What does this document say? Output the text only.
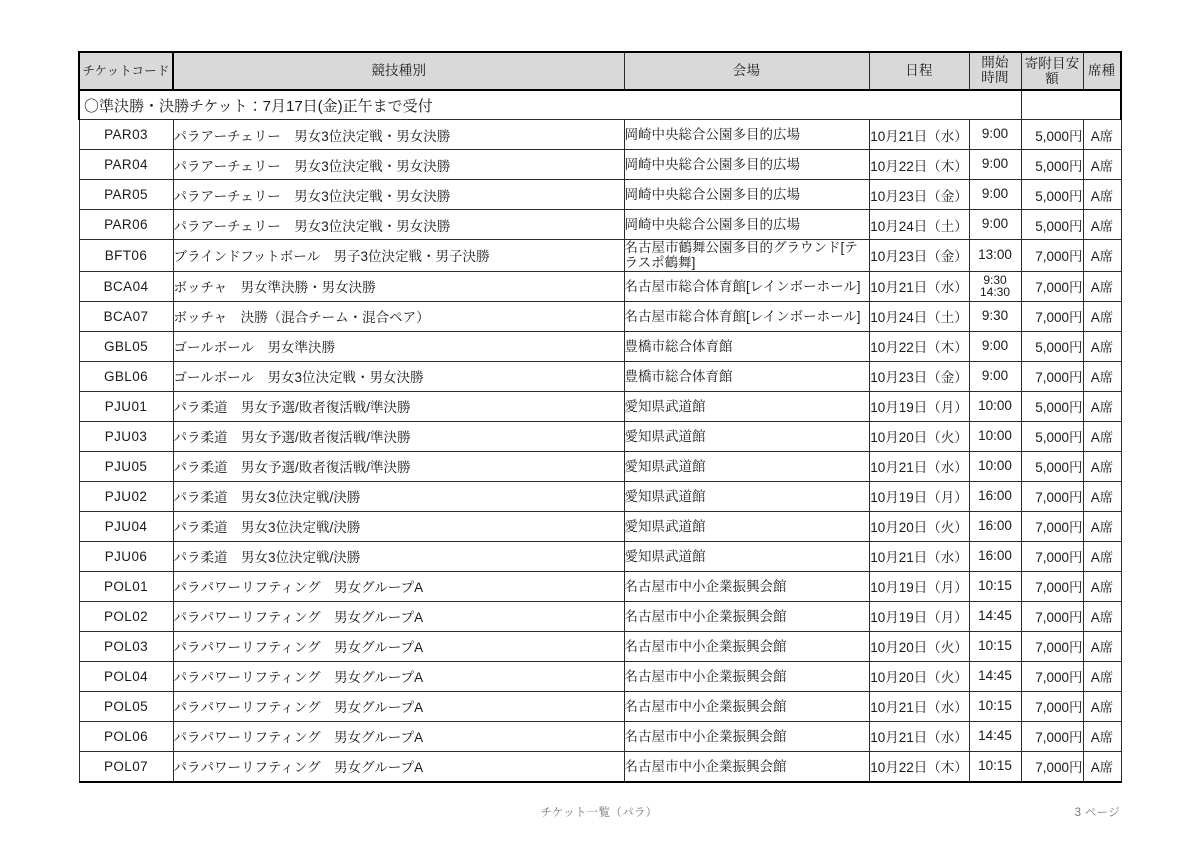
チケットコード	競技種別	会場	日程	開始
時間	寄附目安額	席種
〇準決勝・決勝チケット：7月17日(金)正午まで受付						
PAR03	パラアーチェリー　男女3位決定戦・男女決勝	岡崎中央総合公園多目的広場	10月21日（水）	9:00	5,000円	A席
PAR04	パラアーチェリー　男女3位決定戦・男女決勝	岡崎中央総合公園多目的広場	10月22日（木）	9:00	5,000円	A席
PAR05	パラアーチェリー　男女3位決定戦・男女決勝	岡崎中央総合公園多目的広場	10月23日（金）	9:00	5,000円	A席
PAR06	パラアーチェリー　男女3位決定戦・男女決勝	岡崎中央総合公園多目的広場	10月24日（土）	9:00	5,000円	A席
BFT06	ブラインドフットボール　男子3位決定戦・男子決勝	名古屋市鶴舞公園多目的グラウンド[テラスポ鶴舞]	10月23日（金）	13:00	7,000円	A席
BCA04	ボッチャ　男女準決勝・男女決勝	名古屋市総合体育館[レインボーホール]	10月21日（水）	9:30
14:30	7,000円	A席
BCA07	ボッチャ　決勝（混合チーム・混合ペア）	名古屋市総合体育館[レインボーホール]	10月24日（土）	9:30	7,000円	A席
GBL05	ゴールボール　男女準決勝	豊橋市総合体育館	10月22日（木）	9:00	5,000円	A席
GBL06	ゴールボール　男女3位決定戦・男女決勝	豊橋市総合体育館	10月23日（金）	9:00	7,000円	A席
PJU01	パラ柔道　男女予選/敗者復活戦/準決勝	愛知県武道館	10月19日（月）	10:00	5,000円	A席
PJU03	パラ柔道　男女予選/敗者復活戦/準決勝	愛知県武道館	10月20日（火）	10:00	5,000円	A席
PJU05	パラ柔道　男女予選/敗者復活戦/準決勝	愛知県武道館	10月21日（水）	10:00	5,000円	A席
PJU02	パラ柔道　男女3位決定戦/決勝	愛知県武道館	10月19日（月）	16:00	7,000円	A席
PJU04	パラ柔道　男女3位決定戦/決勝	愛知県武道館	10月20日（火）	16:00	7,000円	A席
PJU06	パラ柔道　男女3位決定戦/決勝	愛知県武道館	10月21日（水）	16:00	7,000円	A席
POL01	パラパワーリフティング　男女グループA	名古屋市中小企業振興会館	10月19日（月）	10:15	7,000円	A席
POL02	パラパワーリフティング　男女グループA	名古屋市中小企業振興会館	10月19日（月）	14:45	7,000円	A席
POL03	パラパワーリフティング　男女グループA	名古屋市中小企業振興会館	10月20日（火）	10:15	7,000円	A席
POL04	パラパワーリフティング　男女グループA	名古屋市中小企業振興会館	10月20日（火）	14:45	7,000円	A席
POL05	パラパワーリフティング　男女グループA	名古屋市中小企業振興会館	10月21日（水）	10:15	7,000円	A席
POL06	パラパワーリフティング　男女グループA	名古屋市中小企業振興会館	10月21日（水）	14:45	7,000円	A席
POL07	パラパワーリフティング　男女グループA	名古屋市中小企業振興会館	10月22日（木）	10:15	7,000円	A席
チケット一覧（パラ）	3 ページ
